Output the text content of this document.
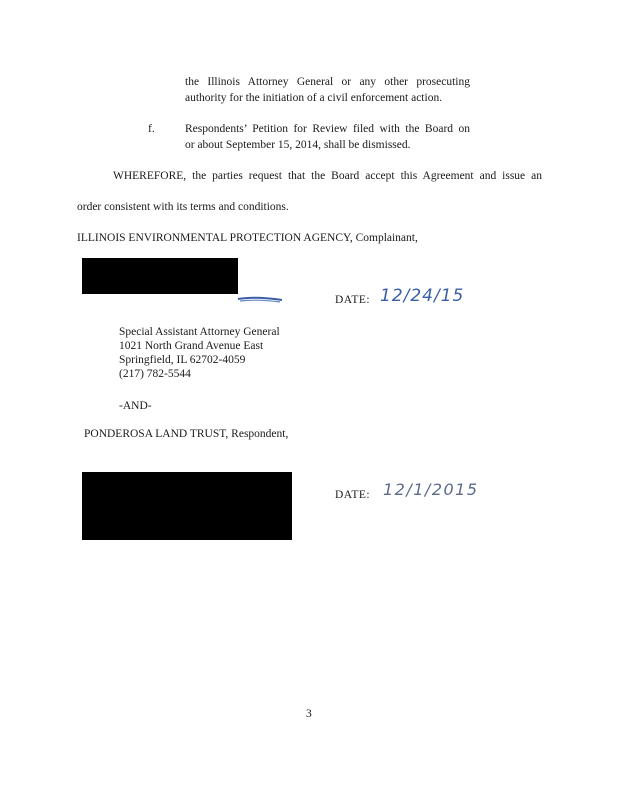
the Illinois Attorney General or any other prosecuting
authority for the initiation of a civil enforcement action.
f.	Respondents’ Petition for Review filed with the Board on
or about September 15, 2014, shall be dismissed.
WHEREFORE, the parties request that the Board accept this Agreement and issue an
order consistent with its terms and conditions.
ILLINOIS ENVIRONMENTAL PROTECTION AGENCY, Complainant,
DATE: 12/24/15
Special Assistant Attorney General
1021 North Grand Avenue East
Springfield, IL 62702-4059
(217) 782-5544
-AND-
PONDEROSA LAND TRUST, Respondent,
DATE: 12/1/2015
3
